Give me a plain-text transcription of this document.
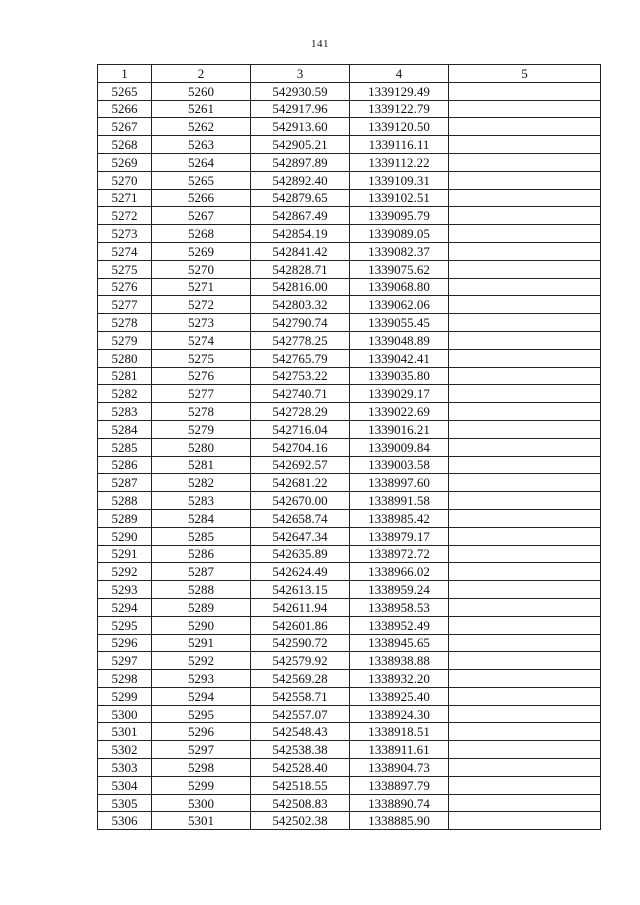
141
1	2	3	4	5
5265	5260	542930.59	1339129.49	
5266	5261	542917.96	1339122.79	
5267	5262	542913.60	1339120.50	
5268	5263	542905.21	1339116.11	
5269	5264	542897.89	1339112.22	
5270	5265	542892.40	1339109.31	
5271	5266	542879.65	1339102.51	
5272	5267	542867.49	1339095.79	
5273	5268	542854.19	1339089.05	
5274	5269	542841.42	1339082.37	
5275	5270	542828.71	1339075.62	
5276	5271	542816.00	1339068.80	
5277	5272	542803.32	1339062.06	
5278	5273	542790.74	1339055.45	
5279	5274	542778.25	1339048.89	
5280	5275	542765.79	1339042.41	
5281	5276	542753.22	1339035.80	
5282	5277	542740.71	1339029.17	
5283	5278	542728.29	1339022.69	
5284	5279	542716.04	1339016.21	
5285	5280	542704.16	1339009.84	
5286	5281	542692.57	1339003.58	
5287	5282	542681.22	1338997.60	
5288	5283	542670.00	1338991.58	
5289	5284	542658.74	1338985.42	
5290	5285	542647.34	1338979.17	
5291	5286	542635.89	1338972.72	
5292	5287	542624.49	1338966.02	
5293	5288	542613.15	1338959.24	
5294	5289	542611.94	1338958.53	
5295	5290	542601.86	1338952.49	
5296	5291	542590.72	1338945.65	
5297	5292	542579.92	1338938.88	
5298	5293	542569.28	1338932.20	
5299	5294	542558.71	1338925.40	
5300	5295	542557.07	1338924.30	
5301	5296	542548.43	1338918.51	
5302	5297	542538.38	1338911.61	
5303	5298	542528.40	1338904.73	
5304	5299	542518.55	1338897.79	
5305	5300	542508.83	1338890.74	
5306	5301	542502.38	1338885.90	
